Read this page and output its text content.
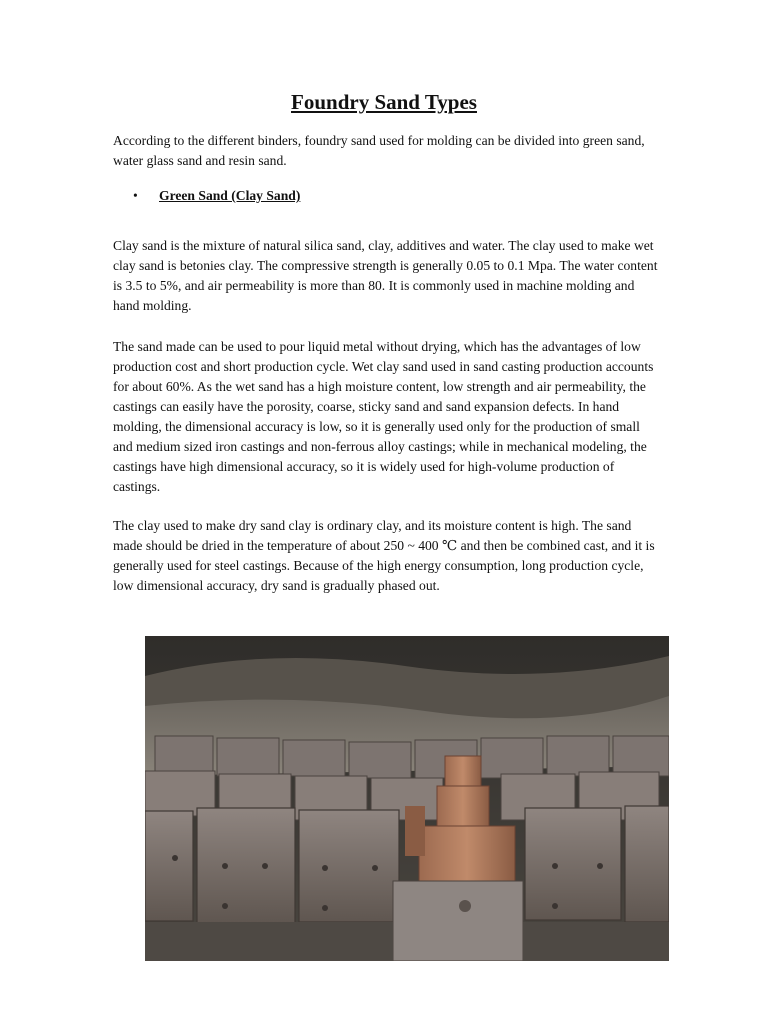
Foundry Sand Types

According to the different binders, foundry sand used for molding can be divided into green sand, water glass sand and resin sand.

• Green Sand (Clay Sand)

Clay sand is the mixture of natural silica sand, clay, additives and water. The clay used to make wet clay sand is betonies clay. The compressive strength is generally 0.05 to 0.1 Mpa. The water content is 3.5 to 5%, and air permeability is more than 80. It is commonly used in machine molding and hand molding.

The sand made can be used to pour liquid metal without drying, which has the advantages of low production cost and short production cycle. Wet clay sand used in sand casting production accounts for about 60%. As the wet sand has a high moisture content, low strength and air permeability, the castings can easily have the porosity, coarse, sticky sand and sand expansion defects. In hand molding, the dimensional accuracy is low, so it is generally used only for the production of small and medium sized iron castings and non-ferrous alloy castings; while in mechanical modeling, the castings have high dimensional accuracy, so it is widely used for high-volume production of castings.

The clay used to make dry sand clay is ordinary clay, and its moisture content is high. The sand made should be dried in the temperature of about 250 ~ 400 ℃ and then be combined cast, and it is generally used for steel castings. Because of the high energy consumption, long production cycle, low dimensional accuracy, dry sand is gradually phased out.
